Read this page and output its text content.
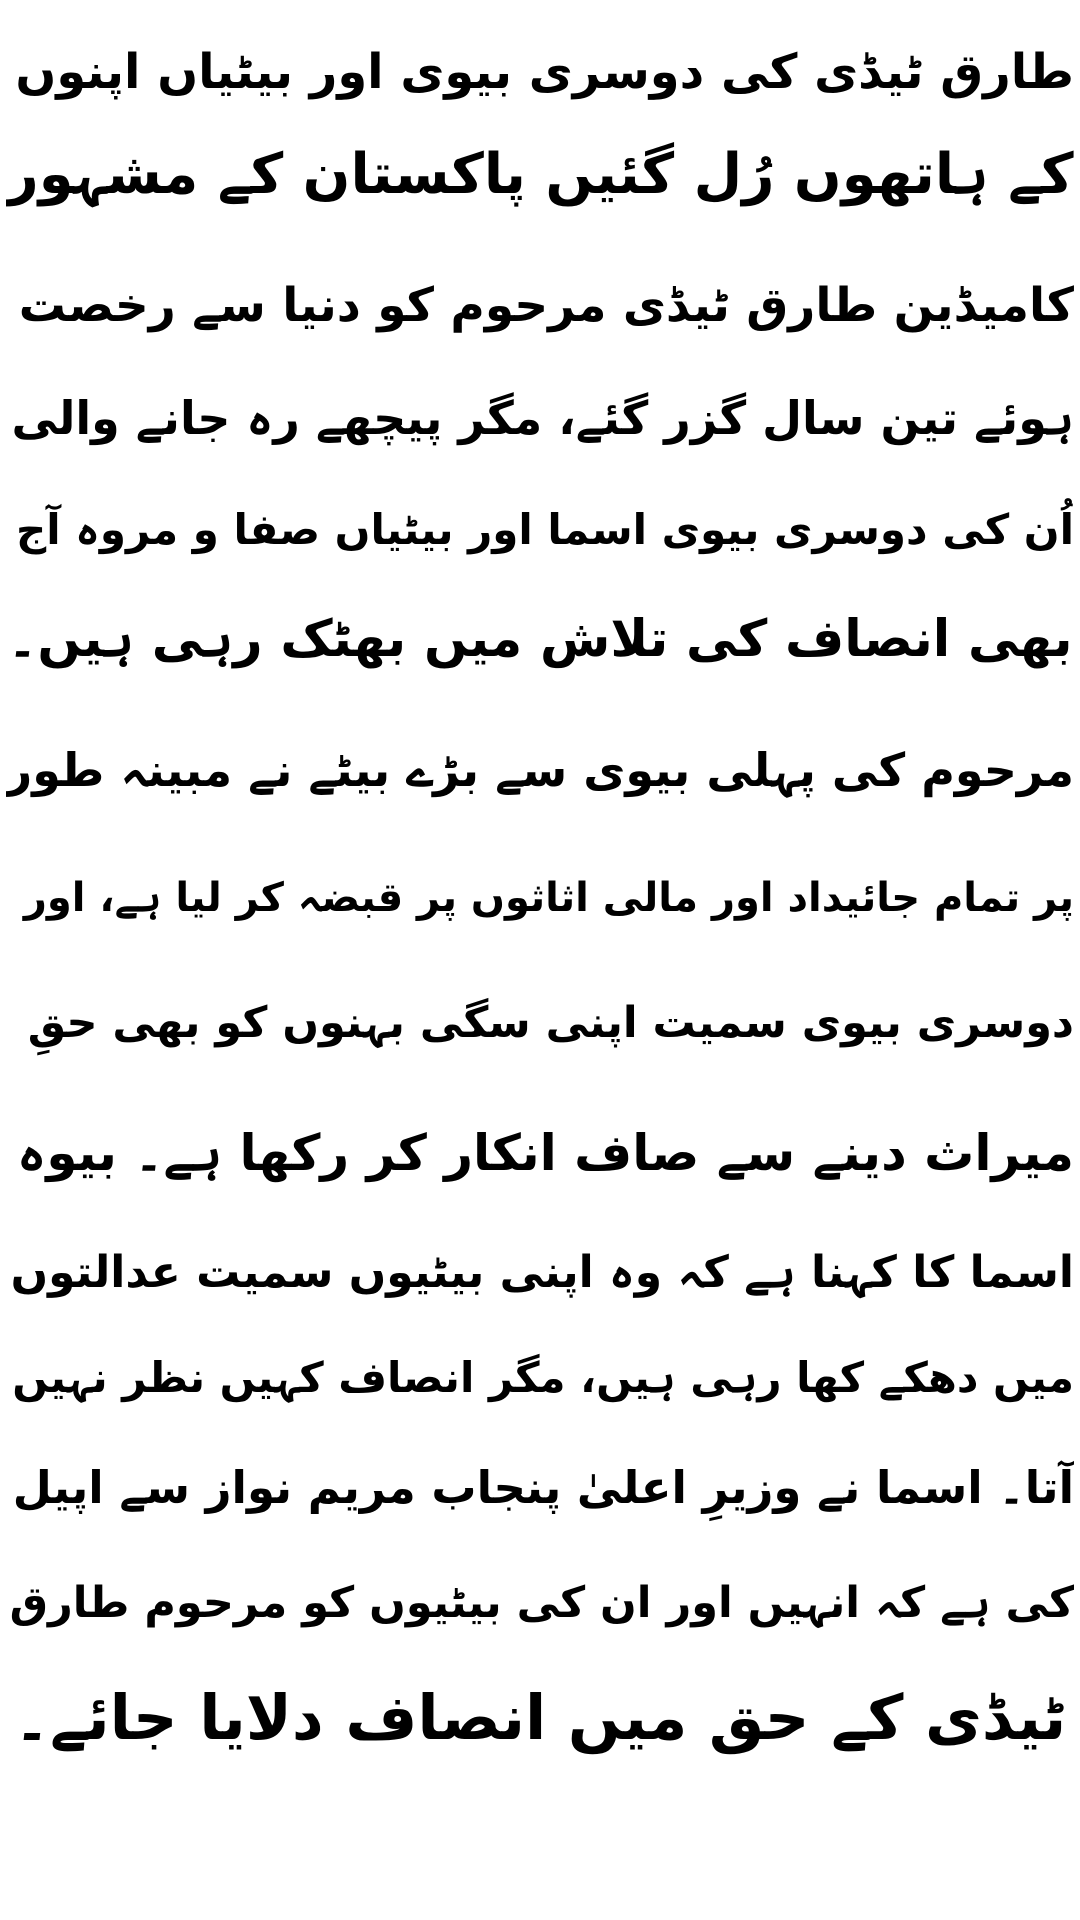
طارق ٹیڈی کی دوسری بیوی اور بیٹیاں اپنوں
کے ہاتھوں رُل گئیں پاکستان کے مشہور
کامیڈین طارق ٹیڈی مرحوم کو دنیا سے رخصت
ہوئے تین سال گزر گئے، مگر پیچھے رہ جانے والی
اُن کی دوسری بیوی اسما اور بیٹیاں صفا و مروہ آج
بھی انصاف کی تلاش میں بھٹک رہی ہیں۔
مرحوم کی پہلی بیوی سے بڑے بیٹے نے مبینہ طور
پر تمام جائیداد اور مالی اثاثوں پر قبضہ کر لیا ہے، اور
دوسری بیوی سمیت اپنی سگی بہنوں کو بھی حقِ
میراث دینے سے صاف انکار کر رکھا ہے۔ بیوہ
اسما کا کہنا ہے کہ وہ اپنی بیٹیوں سمیت عدالتوں
میں دھکے کھا رہی ہیں، مگر انصاف کہیں نظر نہیں
آتا۔ اسما نے وزیرِ اعلیٰ پنجاب مریم نواز سے اپیل
کی ہے کہ انہیں اور ان کی بیٹیوں کو مرحوم طارق
ٹیڈی کے حق میں انصاف دلایا جائے۔
